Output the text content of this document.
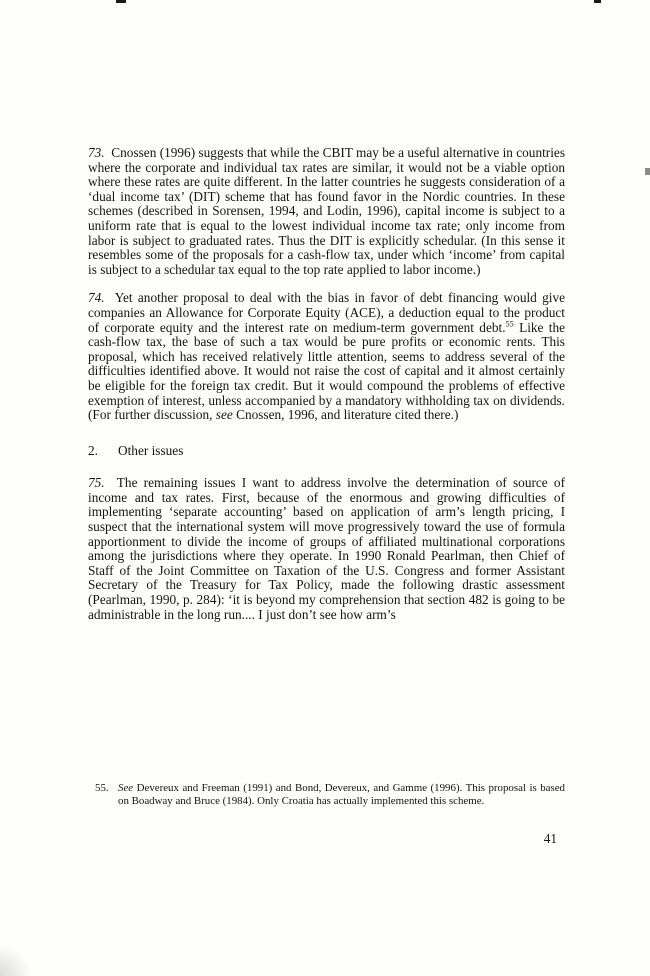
73.  Cnossen (1996) suggests that while the CBIT may be a useful alternative in countries where the corporate and individual tax rates are similar, it would not be a viable option where these rates are quite different. In the latter countries he suggests consideration of a ‘dual income tax’ (DIT) scheme that has found favor in the Nordic countries. In these schemes (described in Sorensen, 1994, and Lodin, 1996), capital income is subject to a uniform rate that is equal to the lowest individual income tax rate; only income from labor is subject to graduated rates. Thus the DIT is explicitly schedular. (In this sense it resembles some of the proposals for a cash-flow tax, under which ‘income’ from capital is subject to a schedular tax equal to the top rate applied to labor income.)

74.  Yet another proposal to deal with the bias in favor of debt financing would give companies an Allowance for Corporate Equity (ACE), a deduction equal to the product of corporate equity and the interest rate on medium-term government debt.$^{55}$ Like the cash-flow tax, the base of such a tax would be pure profits or economic rents. This proposal, which has received relatively little attention, seems to address several of the difficulties identified above. It would not raise the cost of capital and it almost certainly be eligible for the foreign tax credit. But it would compound the problems of effective exemption of interest, unless accompanied by a mandatory withholding tax on dividends. (For further discussion, see Cnossen, 1996, and literature cited there.)

2. Other issues

75.  The remaining issues I want to address involve the determination of source of income and tax rates. First, because of the enormous and growing difficulties of implementing ‘separate accounting’ based on application of arm’s length pricing, I suspect that the international system will move progressively toward the use of formula apportionment to divide the income of groups of affiliated multinational corporations among the jurisdictions where they operate. In 1990 Ronald Pearlman, then Chief of Staff of the Joint Committee on Taxation of the U.S. Congress and former Assistant Secretary of the Treasury for Tax Policy, made the following drastic assessment (Pearlman, 1990, p. 284): ‘it is beyond my comprehension that section 482 is going to be administrable in the long run.... I just don’t see how arm’s

55. See Devereux and Freeman (1991) and Bond, Devereux, and Gamme (1996). This proposal is based on Boadway and Bruce (1984). Only Croatia has actually implemented this scheme.
41
